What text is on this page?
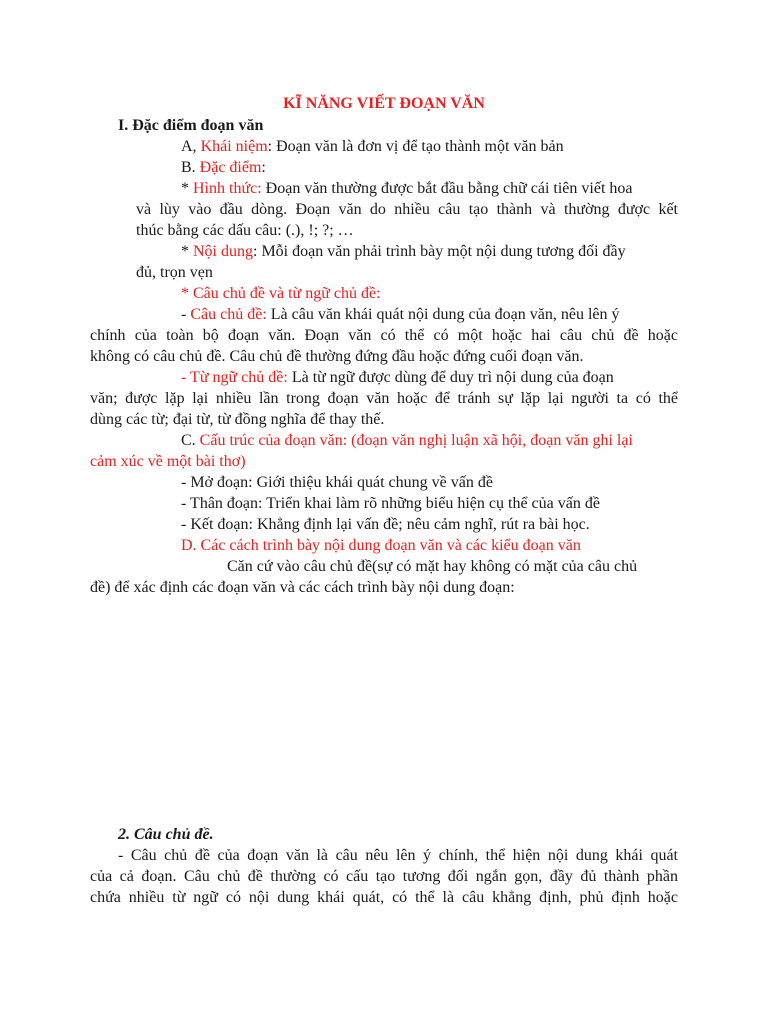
KĨ NĂNG VIẾT ĐOẠN VĂN
I. Đặc điểm đoạn văn
A, Khái niệm: Đoạn văn là đơn vị để tạo thành một văn bản
B. Đặc điểm:
* Hình thức: Đoạn văn thường được bắt đầu bằng chữ cái tiên viết hoa
và lùy vào đầu dòng. Đoạn văn do nhiều câu tạo thành và thường được kết
thúc bằng các dấu câu: (.), !; ?; …
* Nội dung: Mỗi đoạn văn phải trình bày một nội dung tương đối đầy
đủ, trọn vẹn
* Câu chủ đề và từ ngữ chủ đề:
- Câu chủ đề: Là câu văn khái quát nội dung của đoạn văn, nêu lên ý
chính của toàn bộ đoạn văn. Đoạn văn có thể có một hoặc hai câu chủ đề hoặc
không có câu chủ đề. Câu chủ đề thường đứng đầu hoặc đứng cuối đoạn văn.
- Từ ngữ chủ đề: Là từ ngữ được dùng để duy trì nội dung của đoạn
văn; được lặp lại nhiều lần trong đoạn văn hoặc để tránh sự lặp lại người ta có thể
dùng các từ; đại từ, từ đồng nghĩa để thay thế.
C. Cấu trúc của đoạn văn: (đoạn văn nghị luận xã hội, đoạn văn ghi lại
cảm xúc về một bài thơ)
- Mở đoạn: Giới thiệu khái quát chung về vấn đề
- Thân đoạn: Triển khai làm rõ những biểu hiện cụ thể của vấn đề
- Kết đoạn: Khẳng định lại vấn đề; nêu cảm nghĩ, rút ra bài học.
D. Các cách trình bày nội dung đoạn văn và các kiểu đoạn văn
Căn cứ vào câu chủ đề(sự có mặt hay không có mặt của câu chủ
đề) để xác định các đoạn văn và các cách trình bày nội dung đoạn:
2. Câu chủ đề.
- Câu chủ đề của đoạn văn là câu nêu lên ý chính, thể hiện nội dung khái quát
của cả đoạn. Câu chủ đề thường có cấu tạo tương đối ngắn gọn, đầy đủ thành phần
chứa nhiều từ ngữ có nội dung khái quát, có thể là câu khẳng định, phủ định hoặc
